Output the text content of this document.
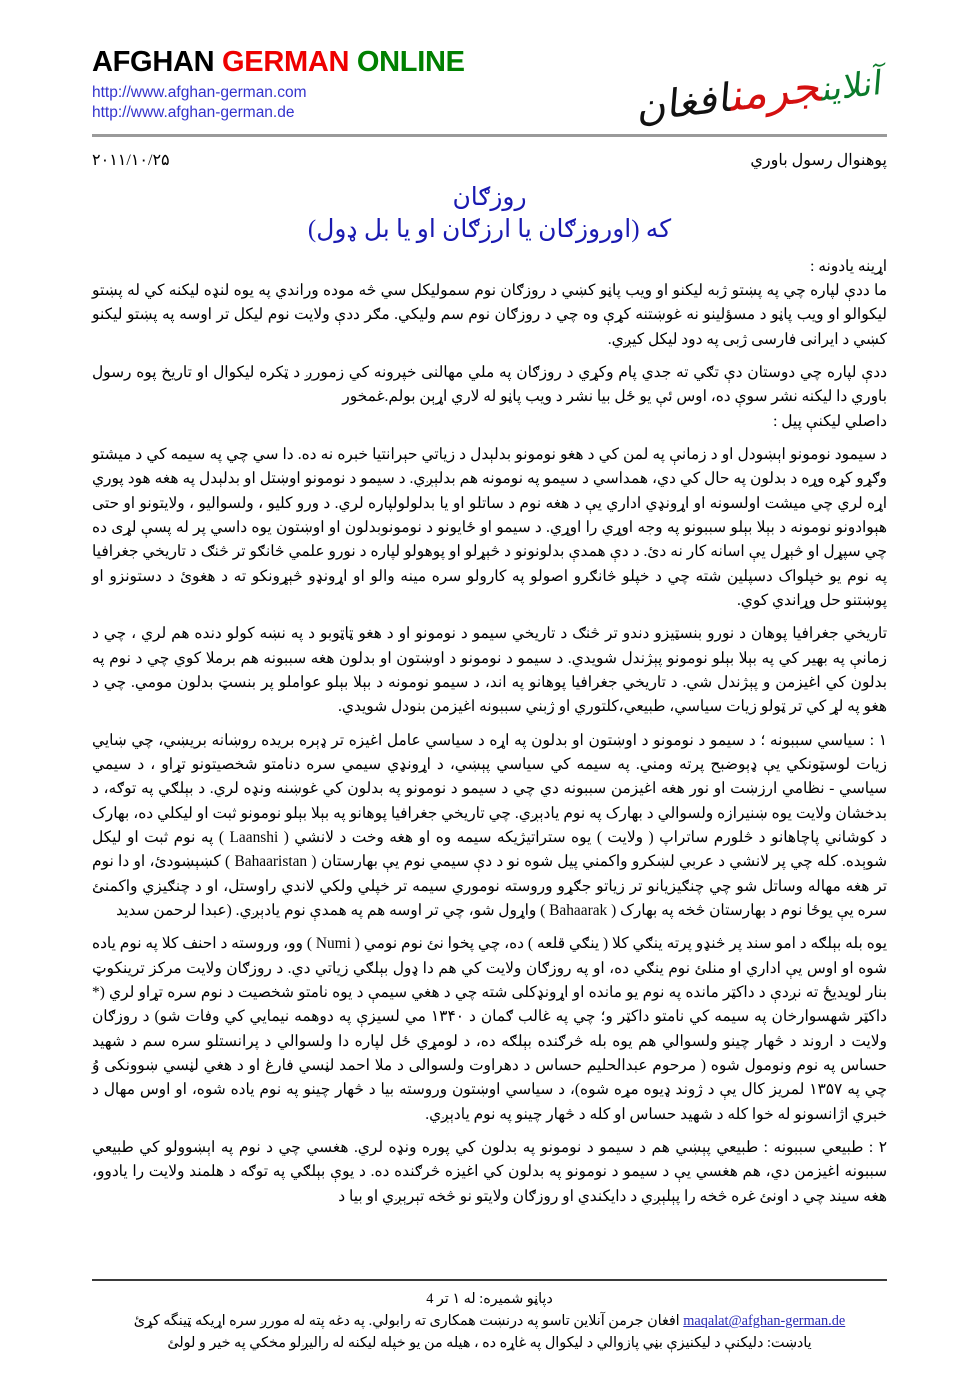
آنلاینجرمنافغان
AFGHAN GERMAN ONLINE
http://www.afghan-german.com
http://www.afghan-german.de
۲۰۱۱/۱۰/۲۵	پوهنوال رسول باوري
روزګان
که (اوروزګان یا ارزګان او یا بل ډول)

اړینه یادونه :

ما ددې لپاره چي په پښتو ژبه لیکنو او ویب پاڼو کښي د روزګان نوم سمولیکل سي څه موده وراندي په یوه لنډه لیکنه کي له پښتو لیکوالو او ویب پاڼو د مسؤلینو نه غوښتنه کړې وه چي د روزګان نوم سم ولیکي. مګر ددې ولایت نوم لیکل تر اوسه په پښتو لیکنو کښي د ایرانی فارسی ژبی په دود لیکل کیږي.

ددې لپاره چي دوستان دې تګي ته جدي پام وکړي د روزګان په ملي مهالنی خپرونه کي زمورږ د ټکره لیکوال او تاریخ پوه رسول باوري دا لیکنه نشر سوې ده، اوس ئې یو ځل بیا نشر د ویب پاڼو له لاري اړېن بولم.غمخور

داصلي لیکنې پیل :

د سیمود نومونو اېښودل او د زمانې په لمن کي د هغو نومونو بدلېدل د زیاتي حېرانتیا خبره نه ده. دا سي چي په سیمه کي د میشتو وګړو کړه وړه د بدلون په حال کي دي، همداسي د سیمو په نومونه هم بدلېږي. د سیمو د نومونو اوښتل او بدلېدل په هغه هود پوري اړه لري چي میشت اولسونه او اړونډي اداري یې د هغه نوم د ساتلو او یا بدلولولپاره لري. د ورو کلیو ، ولسوالیو ، ولایتونو او حتی هېوادونو نومونه د بېلا بېلو سببونو په وجه اوړي را اوړي. د سیمو او ځایونو د نومونوبدلون او اوښتون یوه داسي پر له پسې لړی ده چي سپړل او څېړل یې اسانه کار نه دئ. د دې همدې بدلونونو د څېړلو او پوهولو لپاره د نورو علمي څانګو تر څنګ د تاریخي جغرافیا په نوم یو خپلواک دسپلین شته چي د خپلو څانګرو اصولو په کارولو سره مینه والو او اړونډو څېړونکو ته د هغوئ د دستونزو او پوښتنو حل وړاندي کوي.

تاریخي جغرافیا پوهان د نورو بنسټیزو دندو تر څنګ د تاریخي سیمو د نومونو او د هغو ټاټوبو د په نښه کولو دنده هم لري ، چي د زمانې په بهیر کي په بېلا بېلو نومونو پېژندل شویدي. د سیمو د نومونو د اوښتون او بدلون هغه سببونه هم برملا کوي چي د نوم په بدلون کي اغیزمن و پېژندل شي. د تاریخي جغرافیا پوهانو په اند، د سیمو نومونه د بېلا بېلو عواملو پر بنسټ بدلون مومي. چي د هغو په لړ کي تر ټولو زیات سیاسي، طبیعي،کلتوري او ژبني سببونه اغیزمن بنودل شویدي.

۱ : سیاسي سببونه ؛ د سیمو د نومونو د اوښتون او بدلون په اړه د سیاسي عامل اغیزه تر ډېره بریده روښانه بریښي، چي ښایي زیات لوسټونکي یې ډېوضبح پرته ومني. په سیمه کي سیاسي پېښي، د اړونډي سیمي سره دنامتو شخصیتونو تړاو ، د سیمي سیاسي - نظامي ارزښت او نور هغه اغیزمن سببونه دي چي د سیمو د نومونو په بدلون کي غوښنه ونډه لري. د بېلګي په توګه، د بدخشان ولایت یوه ښنیرازه ولسوالي د بهارک په نوم یادېږي. چي تاریخي جغرافیا پوهانو په بېلا بېلو نومونو ثبت او لیکلي ده، بهارک د کوشاني پاچاهانو د څلورم ساتراپ ( ولایت ) یوه ستراتیژیکه سیمه وه او هغه وخت د لانشي ( Laanshi ) په نوم ثبت او لیکل شوېده. کله چي پر لانشي د عربي لښکرو واکمني پیل شوه نو د دې سیمي نوم یې بهارستان ( Bahaaristan ) کښېښودئ، او دا نوم تر هغه مهاله وساتل شو چي چنګیزیانو تر زیاتو جګړو وروسته نوموري سیمه تر خپلي ولکي لاندي راوستل، او د چنګیزي واکمنئ سره یې یوځا نوم د بهارستان څخه په بهارک ( Bahaarak ) واړول شو، چي تر اوسه هم په همدې نوم یادېږي. (عبدا لرحمن سدید

یوه بله بېلګه د امو سند پر څنډو پرته ینګي کلا ( ینګي قلعه ) ده، چي پخوا نئ نوم نومي ( Numi ) وو، وروسته د احنف کلا په نوم یاده شوه او اوس یې اداري او منلئ نوم ینګي ده، او په روزګان ولایت کي هم دا ډول بېلګي زیاتي دي. د روزګان ولایت مرکز ترینکوټ بنار لویدیځ ته نږدې د داکټر مانده په نوم یو مانده او اړونډکلی شته چي د هغي سیمې د یوه نامتو شخصیت د نوم سره تړاو لري (* داکټر شهسوارخان په سیمه کي نامتو داکټر و؛ چي په غالب ګمان د ۱۳۴۰ مي لسیزې په دوهمه نیمایي کي وفات شو) د روزګان ولایت د اروند د څهار چینو ولسوالي هم یوه بله څرګنده بېلګه ده، د لومړي ځل لپاره دا ولسوالي د پرانستلو سره سم د شهید حساس په نوم ونومول شوه ( مرحوم عبدالحلیم حساس د دهراوت ولسوالی د ملا احمد لڼسي فارغ او د هغي لڼسي ښوونکی وُ چي په ۱۳۵۷ لمریز کال یې د ژوند ډیوه مړه شوه)، د سیاسي اوښتون وروسته بیا د څهار چینو په نوم یاده شوه، او اوس مهال د خبري اژانسونو له خوا کله د شهید حساس او کله د څهار چینو په نوم یادېږي.

۲ : طبیعي سببونه : طبیعي پېښي هم د سیمو د نومونو په بدلون کي پوره ونډه لري. هغسي چي د نوم په اېښوولو کي طبیعي سببونه اغیزمن دي، هم هغسي یې د سیمو د نومونو په بدلون کي اغیزه څرګنده ده. د یوې بېلګي په توګه د هلمند ولایت را یادوو، هغه سیند چي د اونئ غره څخه را پېلېږي د دایکندي او روزګان ولایتو نو څخه تېرېږي او بیا د

دپاڼو شمیره: له ۱ تر 4
maqalat@afghan-german.de افغان جرمن آنلاین تاسو په درنښت همکاری ته رابولي. په دغه پته له مورږ سره اړیکه ټینگه کړئ
یادښت: دلیکنې د لیکنیزې بڼي پازوالي د لیکوال په غاړه ده ، هیله من یو خپله لیکنه له رالیږلو مخکي په خیر و لولئ
